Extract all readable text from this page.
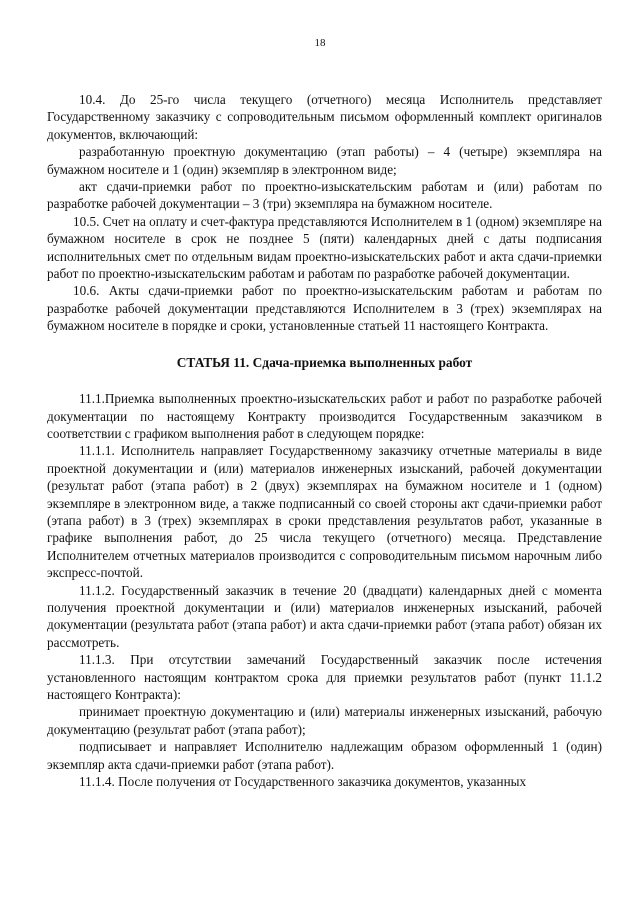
18

10.4. До 25-го числа текущего (отчетного) месяца Исполнитель представляет Государственному заказчику с сопроводительным письмом оформленный комплект оригиналов документов, включающий:

разработанную проектную документацию (этап работы) – 4 (четыре) экземпляра на бумажном носителе и 1 (один) экземпляр в электронном виде;

акт сдачи-приемки работ по проектно-изыскательским работам и (или) работам по разработке рабочей документации – 3 (три) экземпляра на бумажном носителе.

10.5. Счет на оплату и счет-фактура представляются Исполнителем в 1 (одном) экземпляре на бумажном носителе в срок не позднее 5 (пяти) календарных дней с даты подписания исполнительных смет по отдельным видам проектно-изыскательских работ и акта сдачи-приемки работ по проектно-изыскательским работам и работам по разработке рабочей документации.

10.6. Акты сдачи-приемки работ по проектно-изыскательским работам и работам по разработке рабочей документации представляются Исполнителем в 3 (трех) экземплярах на бумажном носителе в порядке и сроки, установленные статьей 11 настоящего Контракта.

СТАТЬЯ 11. Сдача-приемка выполненных работ

11.1.Приемка выполненных проектно-изыскательских работ и работ по разработке рабочей документации по настоящему Контракту производится Государственным заказчиком в соответствии с графиком выполнения работ в следующем порядке:

11.1.1. Исполнитель направляет Государственному заказчику отчетные материалы в виде проектной документации и (или) материалов инженерных изысканий, рабочей документации (результат работ (этапа работ) в 2 (двух) экземплярах на бумажном носителе и 1 (одном) экземпляре в электронном виде, а также подписанный со своей стороны акт сдачи-приемки работ (этапа работ) в 3 (трех) экземплярах в сроки представления результатов работ, указанные в графике выполнения работ, до 25 числа текущего (отчетного) месяца. Представление Исполнителем отчетных материалов производится с сопроводительным письмом нарочным либо экспресс-почтой.

11.1.2. Государственный заказчик в течение 20 (двадцати) календарных дней с момента получения проектной документации и (или) материалов инженерных изысканий, рабочей документации (результата работ (этапа работ) и акта сдачи-приемки работ (этапа работ) обязан их рассмотреть.

11.1.3. При отсутствии замечаний Государственный заказчик после истечения установленного настоящим контрактом срока для приемки результатов работ (пункт 11.1.2 настоящего Контракта):

принимает проектную документацию и (или) материалы инженерных изысканий, рабочую документацию (результат работ (этапа работ);

подписывает и направляет Исполнителю надлежащим образом оформленный 1 (один) экземпляр акта сдачи-приемки работ (этапа работ).

11.1.4. После получения от Государственного заказчика документов, указанных
